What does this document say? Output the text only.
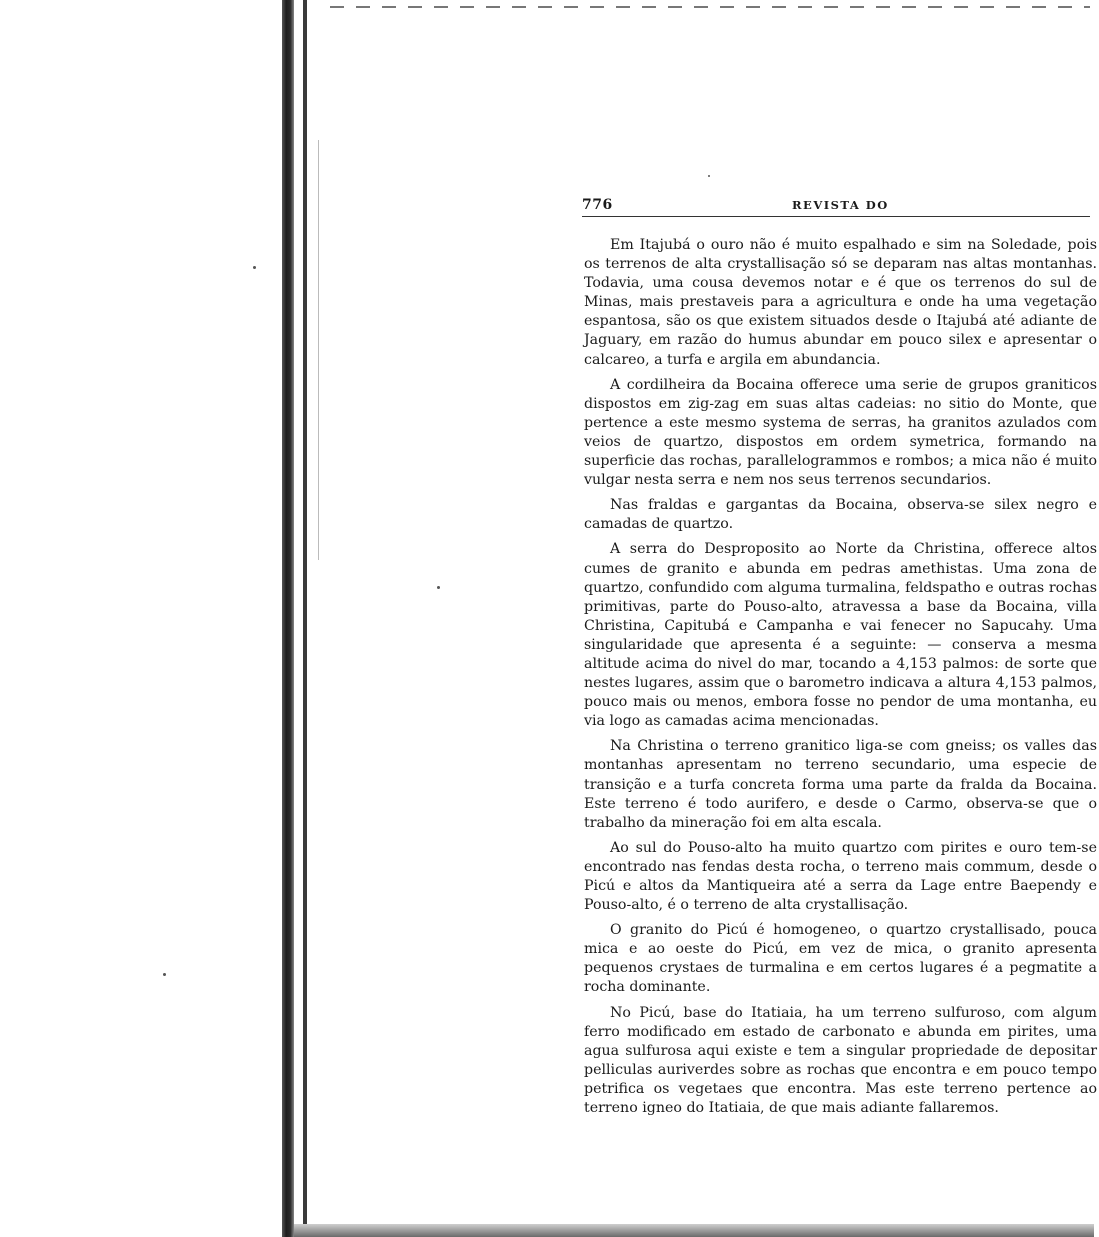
776	REVISTA DO

Em Itajubá o ouro não é muito espalhado e sim na Soledade, pois os terrenos de alta crystallisação só se deparam nas altas montanhas. Todavia, uma cousa devemos notar e é que os terrenos do sul de Minas, mais prestaveis para a agricultura e onde ha uma vegetação espantosa, são os que existem situados desde o Itajubá até adiante de Jaguary, em razão do humus abundar em pouco silex e apresentar o calcareo, a turfa e argila em abundancia.

A cordilheira da Bocaina offerece uma serie de grupos graniticos dispostos em zig-zag em suas altas cadeias: no sitio do Monte, que pertence a este mesmo systema de serras, ha granitos azulados com veios de quartzo, dispostos em ordem symetrica, formando na superficie das rochas, parallelogrammos e rombos; a mica não é muito vulgar nesta serra e nem nos seus terrenos secundarios.

Nas fraldas e gargantas da Bocaina, observa-se silex negro e camadas de quartzo.

A serra do Desproposito ao Norte da Christina, offerece altos cumes de granito e abunda em pedras amethistas. Uma zona de quartzo, confundido com alguma turmalina, feldspatho e outras rochas primitivas, parte do Pouso-alto, atravessa a base da Bocaina, villa Christina, Capitubá e Campanha e vai fenecer no Sapucahy. Uma singularidade que apresenta é a seguinte: — conserva a mesma altitude acima do nivel do mar, tocando a 4,153 palmos: de sorte que nestes lugares, assim que o barometro indicava a altura 4,153 palmos, pouco mais ou menos, embora fosse no pendor de uma montanha, eu via logo as camadas acima mencionadas.

Na Christina o terreno granitico liga-se com gneiss; os valles das montanhas apresentam no terreno secundario, uma especie de transição e a turfa concreta forma uma parte da fralda da Bocaina. Este terreno é todo aurifero, e desde o Carmo, observa-se que o trabalho da mineração foi em alta escala.

Ao sul do Pouso-alto ha muito quartzo com pirites e ouro tem-se encontrado nas fendas desta rocha, o terreno mais commum, desde o Picú e altos da Mantiqueira até a serra da Lage entre Baependy e Pouso-alto, é o terreno de alta crystallisação.

O granito do Picú é homogeneo, o quartzo crystallisado, pouca mica e ao oeste do Picú, em vez de mica, o granito apresenta pequenos crystaes de turmalina e em certos lugares é a pegmatite a rocha dominante.

No Picú, base do Itatiaia, ha um terreno sulfuroso, com algum ferro modificado em estado de carbonato e abunda em pirites, uma agua sulfurosa aqui existe e tem a singular propriedade de depositar pelliculas auriverdes sobre as rochas que encontra e em pouco tempo petrifica os vegetaes que encontra. Mas este terreno pertence ao terreno igneo do Itatiaia, de que mais adiante fallaremos.
